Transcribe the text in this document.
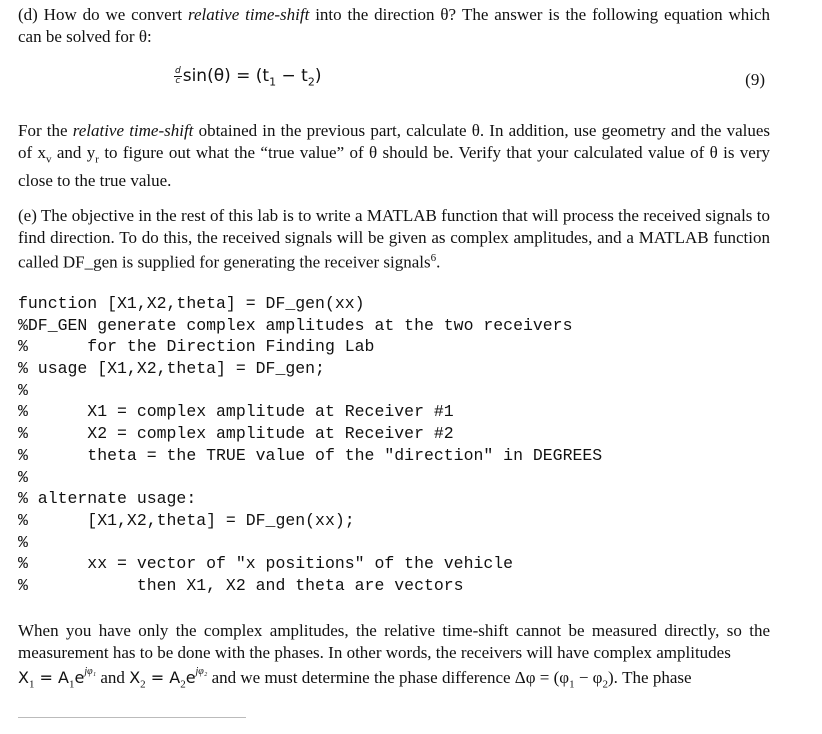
(d) How do we convert relative time-shift into the direction θ? The answer is the following equation which can be solved for θ:
$\frac{d}{c} \sin(\theta) = (t_1 - t_2)$	(9)
For the relative time-shift obtained in the previous part, calculate θ. In addition, use geometry and the values of $x_v$ and $y_r$ to figure out what the “true value” of θ should be. Verify that your calculated value of θ is very close to the true value.
(e) The objective in the rest of this lab is to write a MATLAB function that will process the received signals to find direction. To do this, the received signals will be given as complex amplitudes, and a MATLAB function called DF_gen is supplied for generating the receiver signals$^6$.
function [X1,X2,theta] = DF_gen(xx)
%DF_GEN generate complex amplitudes at the two receivers
%      for the Direction Finding Lab
% usage [X1,X2,theta] = DF_gen;
%
%      X1 = complex amplitude at Receiver #1
%      X2 = complex amplitude at Receiver #2
%      theta = the TRUE value of the "direction" in DEGREES
%
% alternate usage:
%      [X1,X2,theta] = DF_gen(xx);
%
%      xx = vector of "x positions" of the vehicle
%           then X1, X2 and theta are vectors
When you have only the complex amplitudes, the relative time-shift cannot be measured directly, so the measurement has to be done with the phases. In other words, the receivers will have complex amplitudes
$X_1 = A_1e^{j\varphi_1}$ and $X_2 = A_2e^{j\varphi_2}$ and we must determine the phase difference $\Delta\varphi = (\varphi_1 - \varphi_2)$. The phase
